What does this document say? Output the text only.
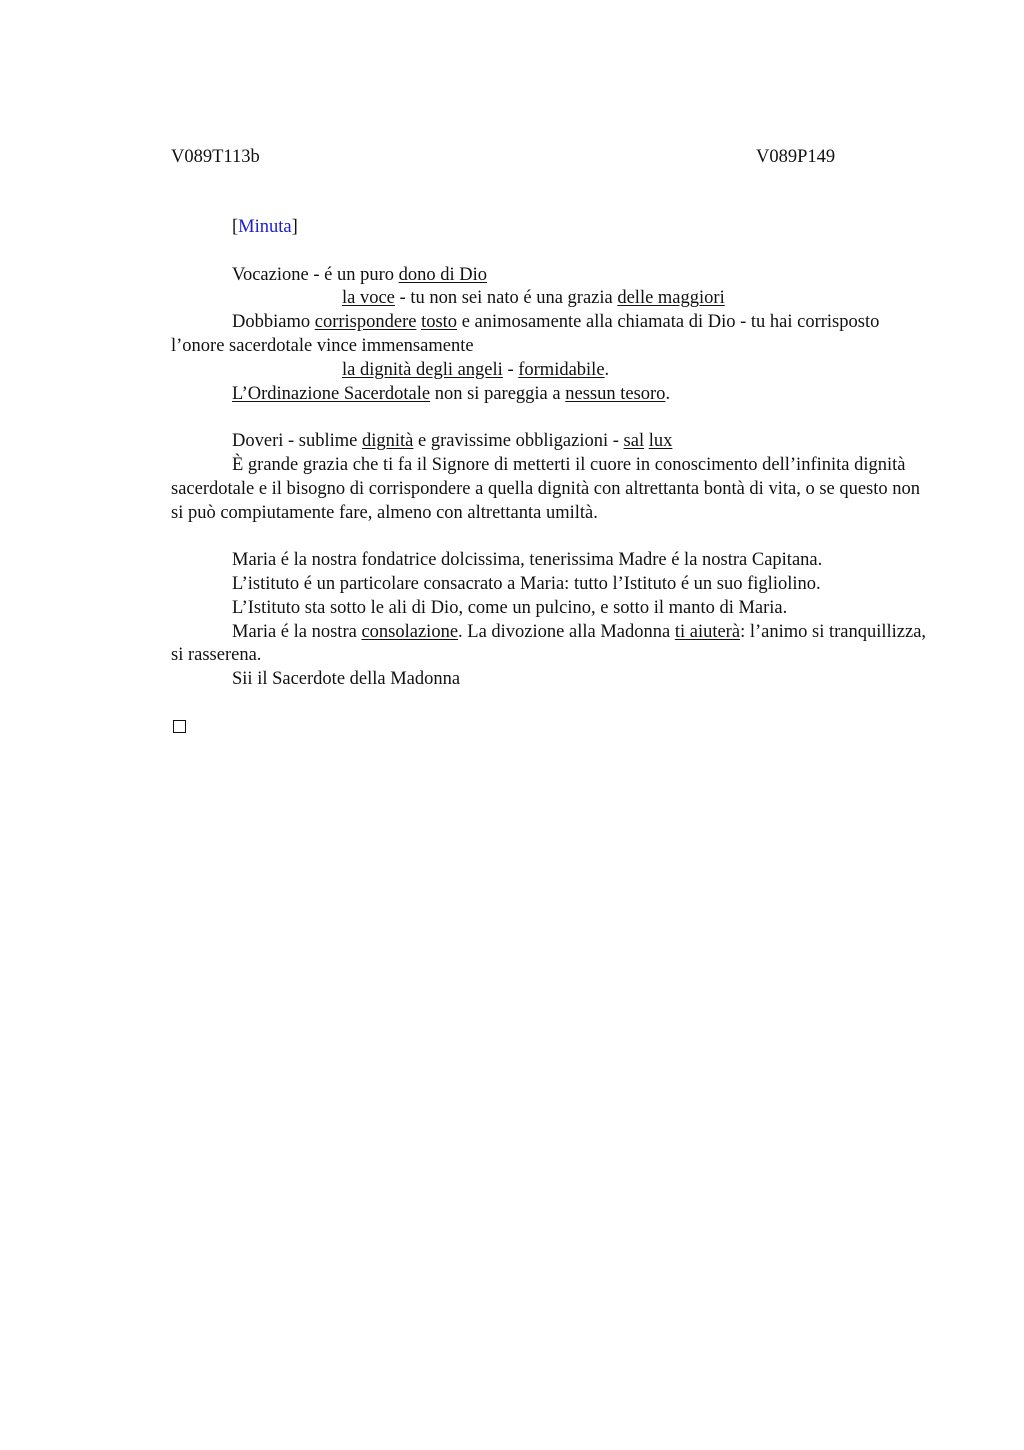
V089T113b	V089P149
[Minuta]
Vocazione - é un puro dono di Dio
la voce - tu non sei nato é una grazia delle maggiori
Dobbiamo corrispondere tosto e animosamente alla chiamata di Dio - tu hai corrisposto l’onore sacerdotale vince immensamente
la dignità degli angeli - formidabile.
L’Ordinazione Sacerdotale non si pareggia a nessun tesoro.
Doveri - sublime dignità e gravissime obbligazioni - sal lux
È grande grazia che ti fa il Signore di metterti il cuore in conoscimento dell’infinita dignità sacerdotale e il bisogno di corrispondere a quella dignità con altrettanta bontà di vita, o se questo non si può compiutamente fare, almeno con altrettanta umiltà.
Maria é la nostra fondatrice dolcissima, tenerissima Madre é la nostra Capitana.
L’istituto é un particolare consacrato a Maria: tutto l’Istituto é un suo figliolino.
L’Istituto sta sotto le ali di Dio, come un pulcino, e sotto il manto di Maria.
Maria é la nostra consolazione. La divozione alla Madonna ti aiuterà: l’animo si tranquillizza, si rasserena.
Sii il Sacerdote della Madonna
